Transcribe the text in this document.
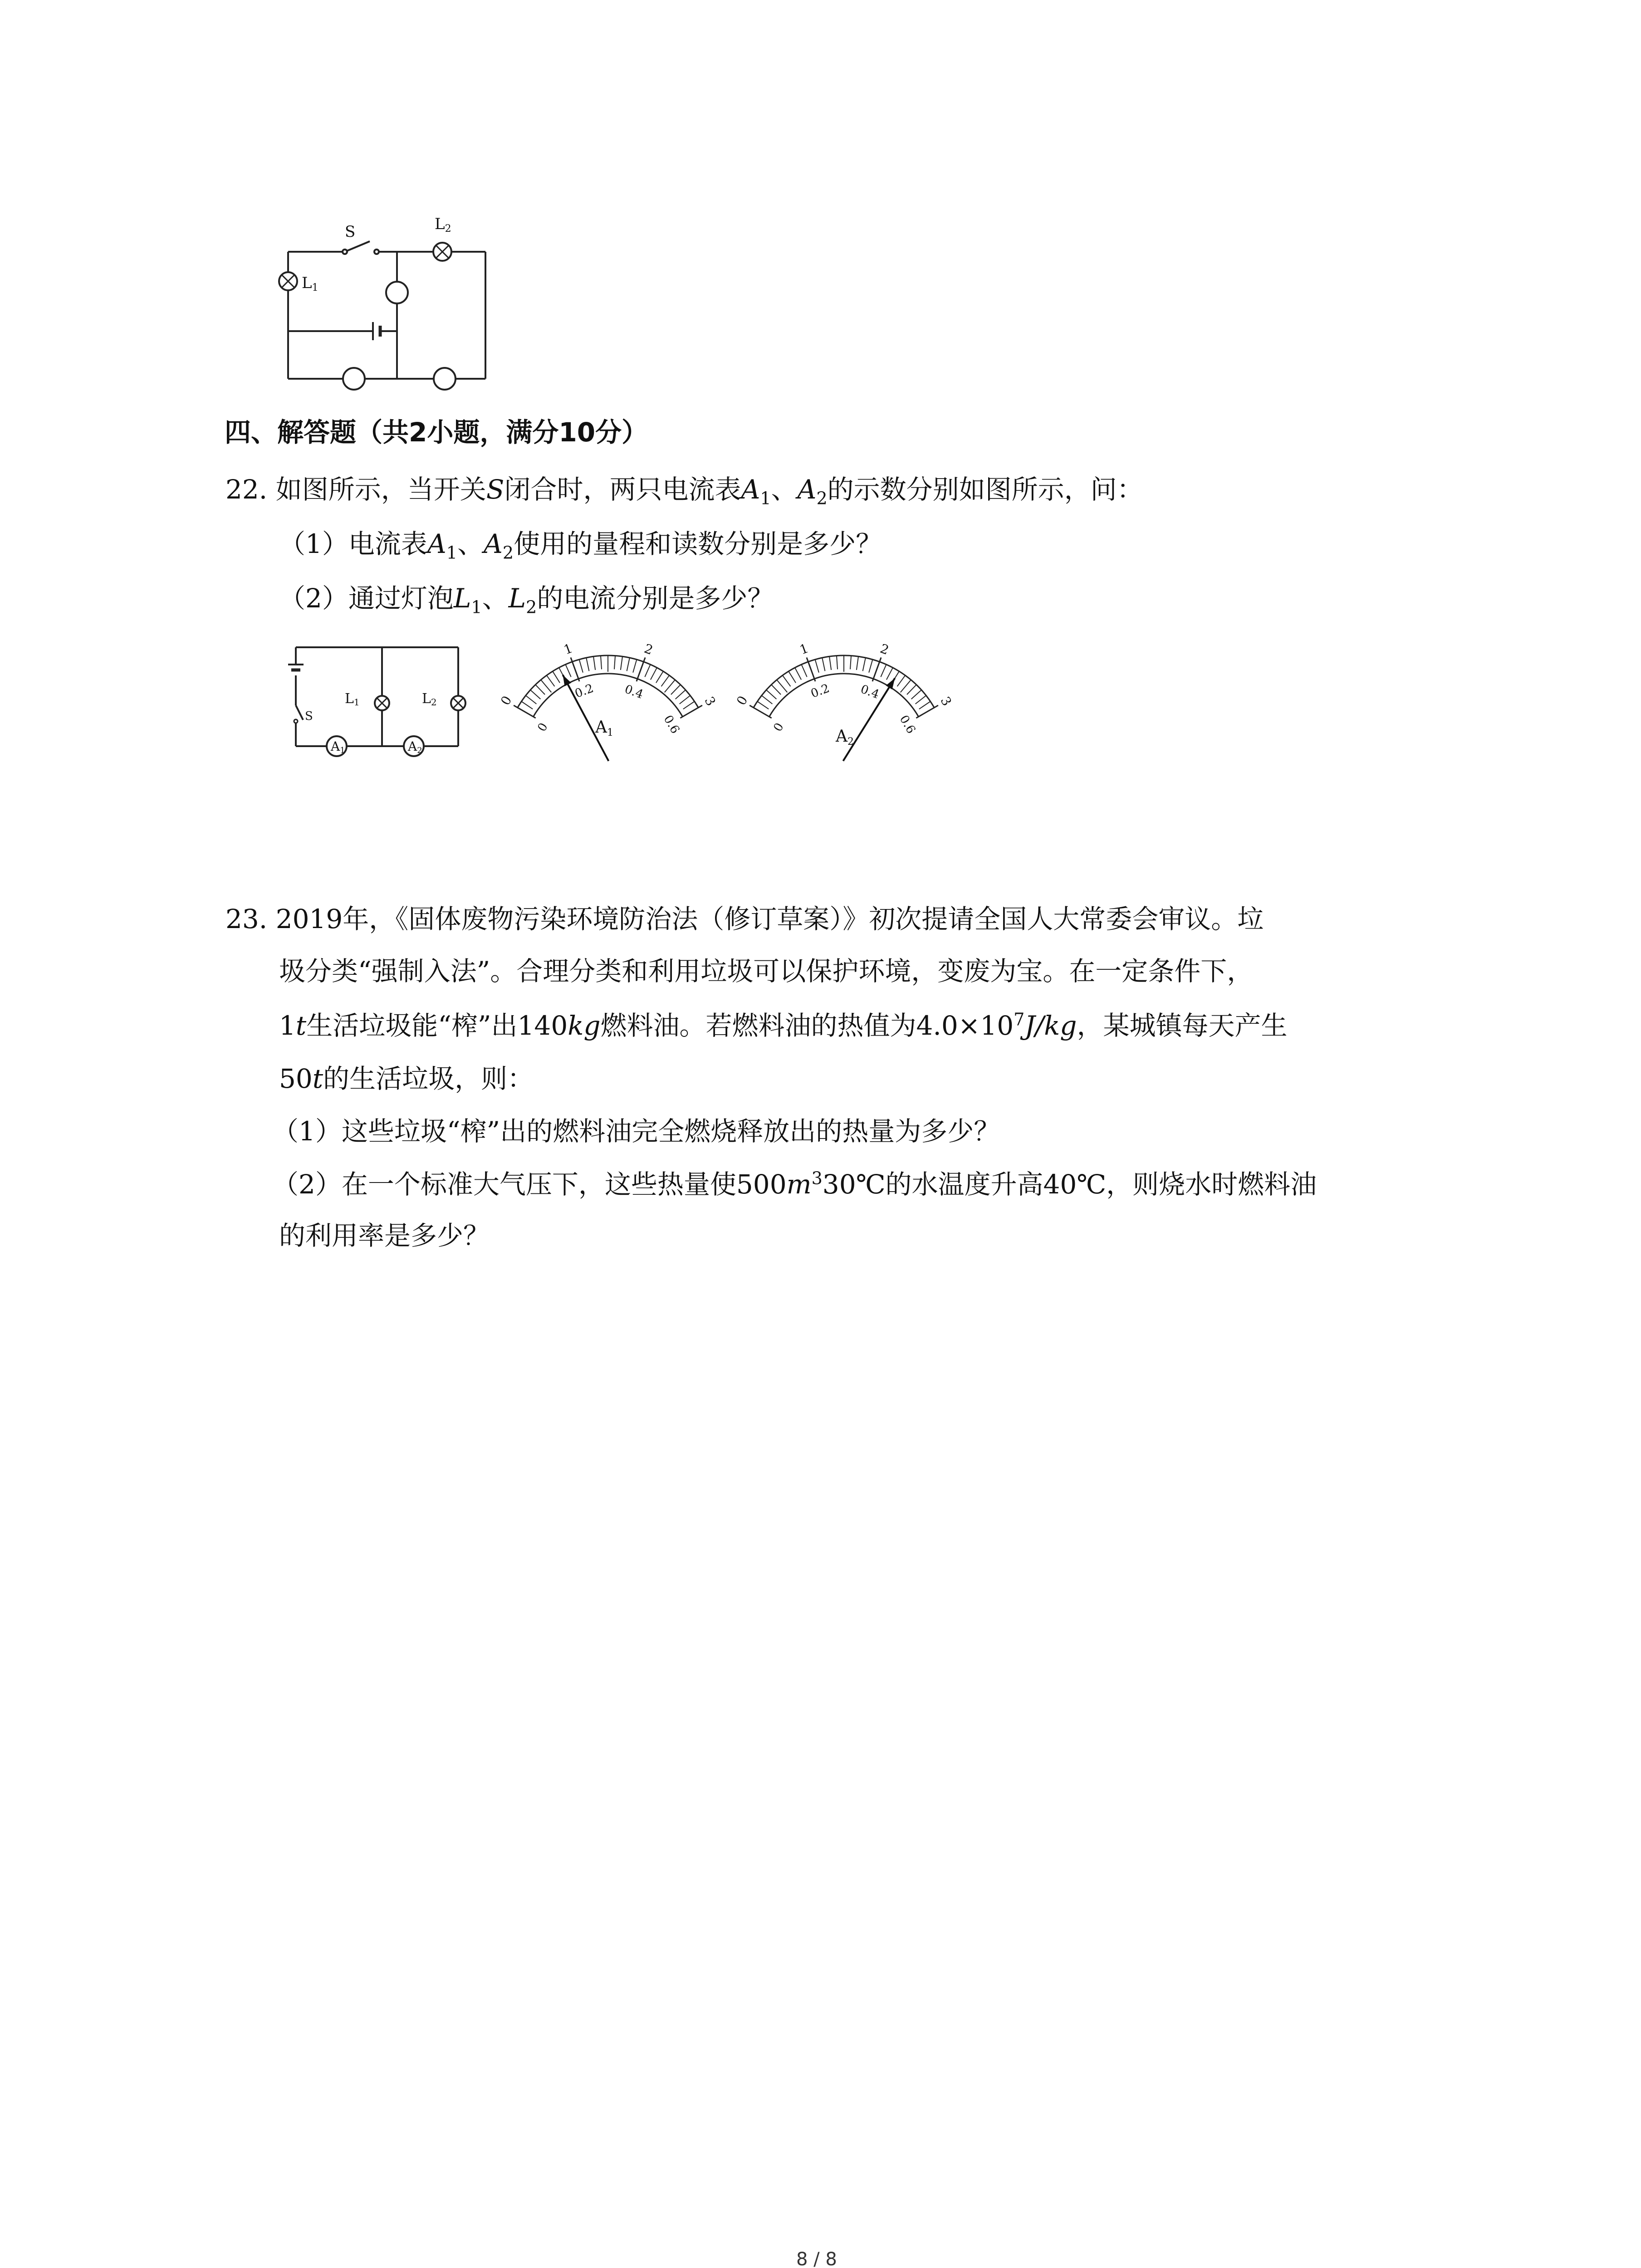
S	L2
L1
四、解答题（共2小题，满分10分）
22. 如图所示，当开关S闭合时，两只电流表$A_1$、$A_2$的示数分别如图所示，问：
（1）电流表$A_1$、$A_2$使用的量程和读数分别是多少？
（2）通过灯泡$L_1$、$L_2$的电流分别是多少？
L1	L2
S
A1	A2
0
1	2
3
0
0.2 0.4
0.6
A1
0
1	2
3
0
0.2 0.4
0.6
A2
23. 2019年，《固体废物污染环境防治法（修订草案）》初次提请全国人大常委会审议。垃
圾分类“强制入法”。合理分类和利用垃圾可以保护环境，变废为宝。在一定条件下，
1t生活垃圾能“榨”出140kg燃料油。若燃料油的热值为$4.0\times 10^7J/kg$，某城镇每天产生
50t的生活垃圾，则：
（1）这些垃圾“榨”出的燃料油完全燃烧释放出的热量为多少？
（2）在一个标准大气压下，这些热量使$500m^330℃$的水温度升高40℃，则烧水时燃料油
的利用率是多少？
8 / 8
